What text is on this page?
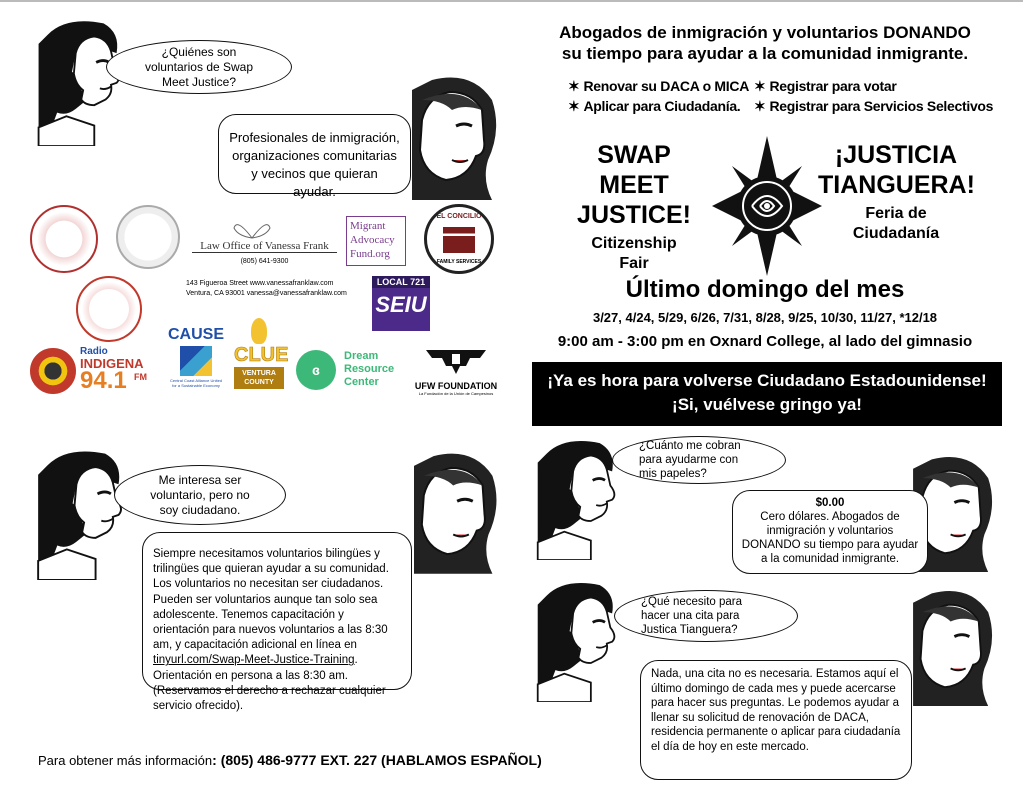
¿Quiénes son voluntarios de Swap Meet Justice?
Profesionales de inmigración, organizaciones comunitarias y vecinos que quieran ayudar.
Law Office of Vanessa Frank
(805) 641-9300
Migrant
Advocacy
Fund.org
EL CONCILIO
FAMILY SERVICES
143 Figueroa Street www.vanessafranklaw.com
Ventura, CA 93001 vanessa@vanessafranklaw.com
LOCAL 721
SEIU
Radio
INDIGENA
94.1 FM
CAUSE
Central Coast Alliance United for a Sustainable Economy
CLUE
VENTURA COUNTY
ɞ
Dream
Resource
Center	UFW FOUNDATION
La Fundación de la Unión de Campesinos
Me interesa ser voluntario, pero no soy ciudadano.
Siempre necesitamos voluntarios bilingües y trilingües que quieran ayudar a su comunidad. Los voluntarios no necesitan ser ciudadanos. Pueden ser voluntarios aunque tan solo sea adolescente. Tenemos capacitación y orientación para nuevos voluntarios a las 8:30 am, y capacitación adicional en línea en tinyurl.com/Swap-Meet-Justice-Training. Orientación en persona a las 8:30 am. (Reservamos el derecho a rechazar cualquier servicio ofrecido).
Para obtener más información: (805) 486-9777 EXT. 227 (HABLAMOS ESPAÑOL)
Abogados de inmigración y voluntarios DONANDO
su tiempo para ayudar a la comunidad inmigrante.
✶ Renovar su DACA o MICA ✶ Registrar para votar
✶ Aplicar para Ciudadanía. ✶ Registrar para Servicios Selectivos
SWAP MEET
JUSTICE!
Citizenship
Fair
¡JUSTICIA
TIANGUERA!
Feria de
Ciudadanía
Último domingo del mes
3/27, 4/24, 5/29, 6/26, 7/31, 8/28, 9/25, 10/30, 11/27, *12/18
9:00 am - 3:00 pm en Oxnard College, al lado del gimnasio
¡Ya es hora para volverse Ciudadano Estadounidense!
¡Si, vuélvese gringo ya!
¿Cuánto me cobran para ayudarme con mis papeles?
$0.00
Cero dólares. Abogados de inmigración y voluntarios DONANDO su tiempo para ayudar a la comunidad inmigrante.
¿Qué necesito para hacer una cita para Justica Tianguera?
Nada, una cita no es necesaria. Estamos aquí el último domingo de cada mes y puede acercarse para hacer sus preguntas. Le podemos ayudar a llenar su solicitud de renovación de DACA, residencia permanente o aplicar para ciudadanía el día de hoy en este mercado.
